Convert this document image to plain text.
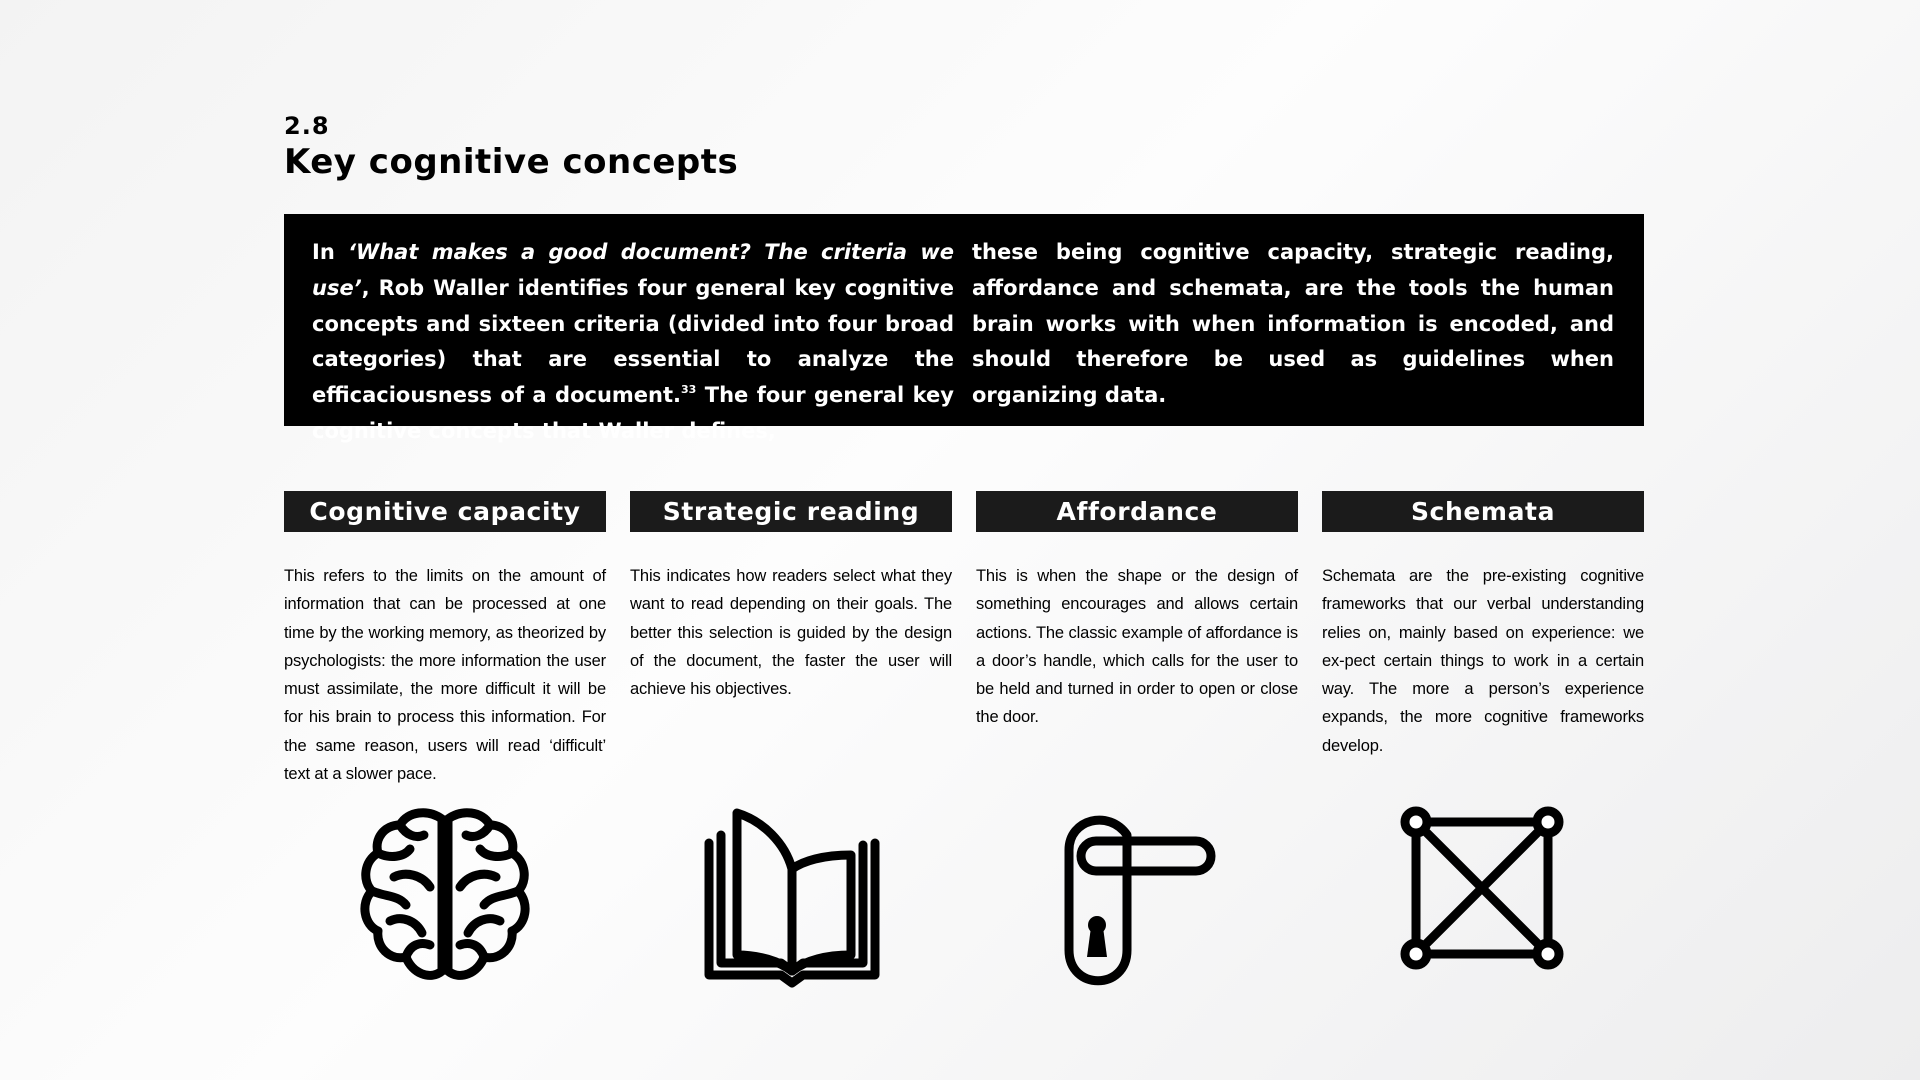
2.8
Key cognitive concepts

In ‘What makes a good document? The criteria we use’, Rob Waller identifies four general key cognitive concepts and sixteen criteria (divided into four broad categories) that are essential to analyze the efficaciousness of a document.$^{33}$ The four general key cognitive concepts that Waller defines,

these being cognitive capacity, strategic reading, affordance and schemata, are the tools the human brain works with when information is encoded, and should therefore be used as guidelines when organizing data.

Cognitive capacity

This refers to the limits on the amount of information that can be processed at one time by the working memory, as theorized by psychologists: the more information the user must assimilate, the more difficult it will be for his brain to process this information. For the same reason, users will read ‘difficult’ text at a slower pace.

Strategic reading

This indicates how readers select what they want to read depending on their goals. The better this selection is guided by the design of the document, the faster the user will achieve his objectives.

Affordance

This is when the shape or the design of something encourages and allows certain actions. The classic example of affordance is a door’s handle, which calls for the user to be held and turned in order to open or close the door.

Schemata

Schemata are the pre-existing cognitive frameworks that our verbal understanding relies on, mainly based on experience: we ex-pect certain things to work in a certain way. The more a person’s experience expands, the more cognitive frameworks develop.
